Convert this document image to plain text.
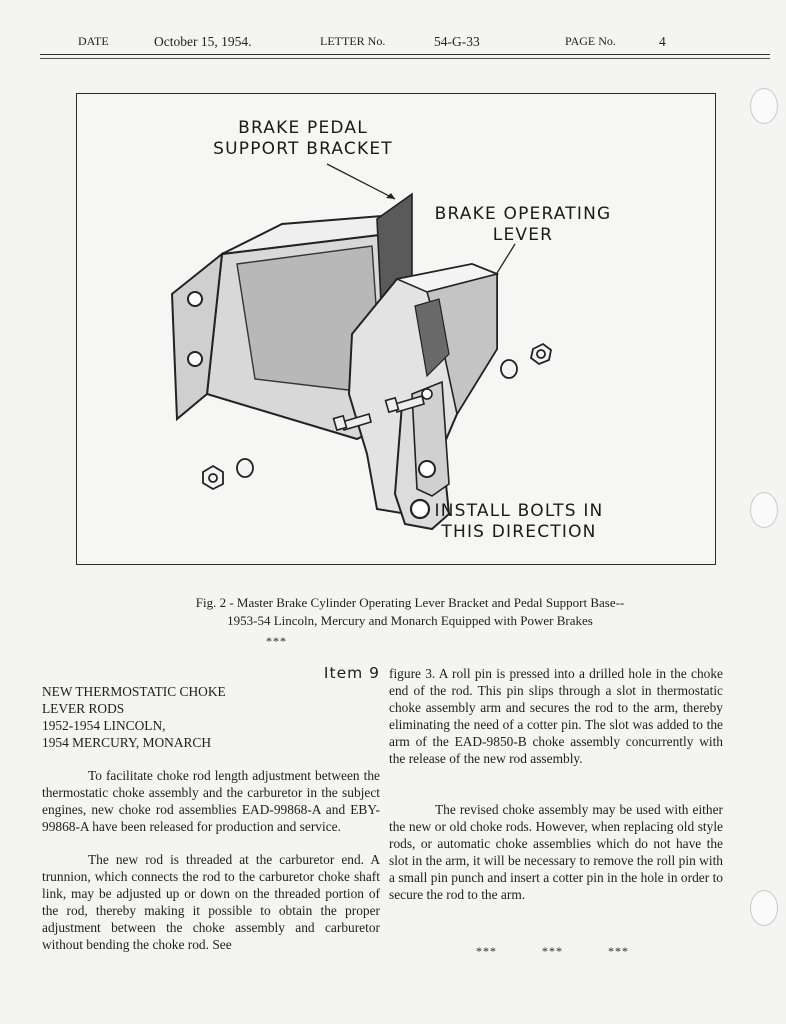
DATE	October 15, 1954.	LETTER No.	54-G-33	PAGE No.	4
BRAKE PEDAL
SUPPORT BRACKET
BRAKE OPERATING
LEVER
INSTALL BOLTS IN
THIS DIRECTION
Fig. 2 - Master Brake Cylinder Operating Lever Bracket and Pedal Support Base--
1953-54 Lincoln, Mercury and Monarch Equipped with Power Brakes
***
Item 9
NEW THERMOSTATIC CHOKE
LEVER RODS
1952-1954 LINCOLN,
1954 MERCURY, MONARCH

To facilitate choke rod length adjustment between the thermostatic choke assembly and the carburetor in the subject engines, new choke rod assemblies EAD-99868-A and EBY-99868-A have been released for production and service.

The new rod is threaded at the carburetor end. A trunnion, which connects the rod to the carburetor choke shaft link, may be adjusted up or down on the threaded portion of the rod, thereby making it possible to obtain the proper adjustment between the choke assembly and carburetor without bending the choke rod. See

figure 3. A roll pin is pressed into a drilled hole in the choke end of the rod. This pin slips through a slot in thermostatic choke assembly arm and secures the rod to the arm, thereby eliminating the need of a cotter pin. The slot was added to the arm of the EAD-9850-B choke assembly concurrently with the release of the new rod assembly.

The revised choke assembly may be used with either the new or old choke rods. However, when replacing old style rods, or automatic choke assemblies which do not have the slot in the arm, it will be necessary to remove the roll pin with a small pin punch and insert a cotter pin in the hole in order to secure the rod to the arm.

***	***	***
